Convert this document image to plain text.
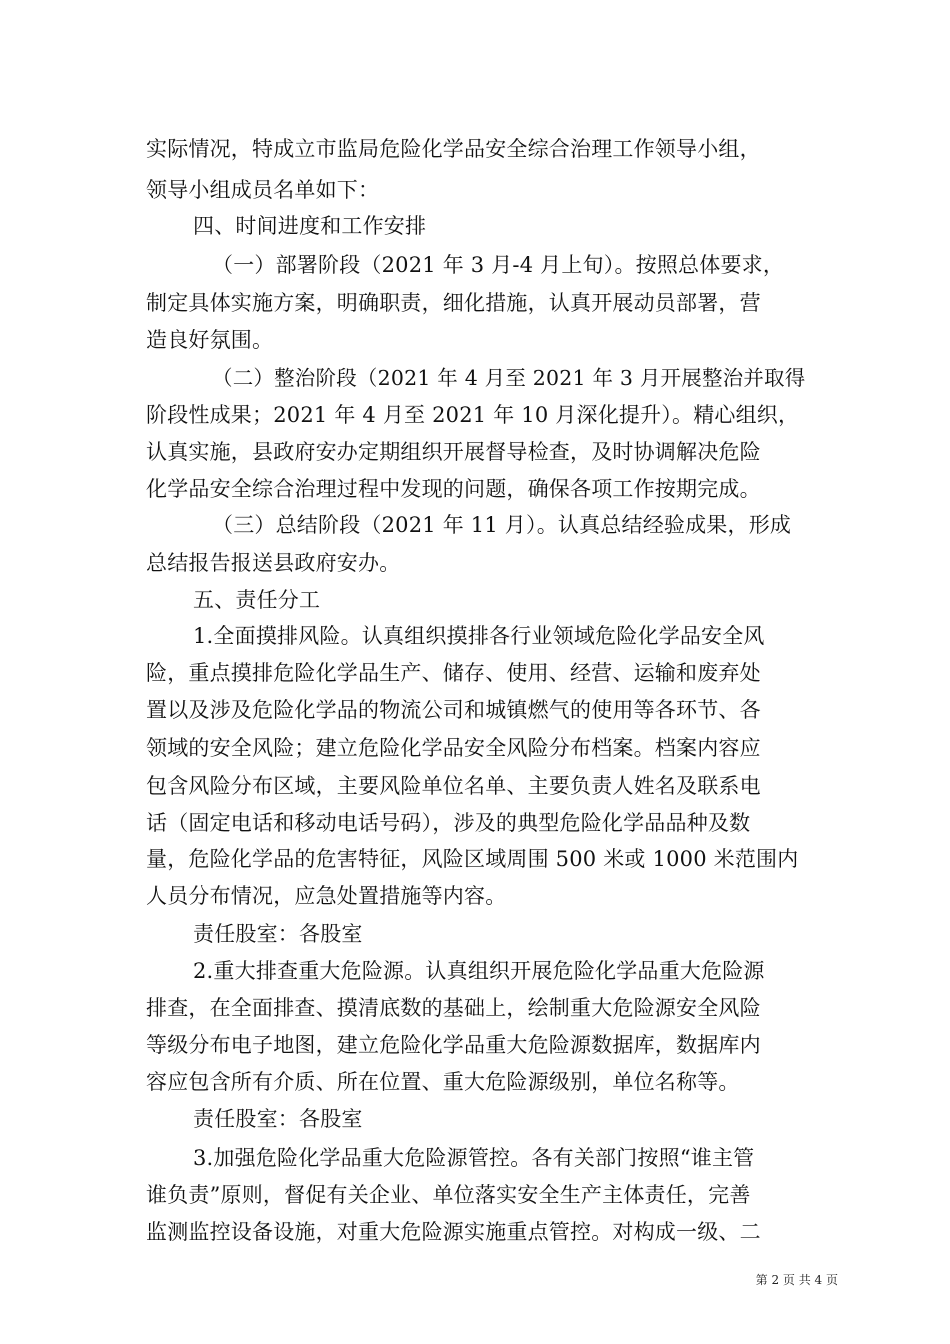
实际情况，特成立市监局危险化学品安全综合治理工作领导小组，
领导小组成员名单如下：
四、时间进度和工作安排
（一）部署阶段（2021 年 3 月-4 月上旬）。按照总体要求，
制定具体实施方案，明确职责，细化措施，认真开展动员部署，营
造良好氛围。
（二）整治阶段（2021 年 4 月至 2021 年 3 月开展整治并取得
阶段性成果；2021 年 4 月至 2021 年 10 月深化提升）。精心组织，
认真实施，县政府安办定期组织开展督导检查，及时协调解决危险
化学品安全综合治理过程中发现的问题，确保各项工作按期完成。
（三）总结阶段（2021 年 11 月）。认真总结经验成果，形成
总结报告报送县政府安办。
五、责任分工
1.全面摸排风险。认真组织摸排各行业领域危险化学品安全风
险，重点摸排危险化学品生产、储存、使用、经营、运输和废弃处
置以及涉及危险化学品的物流公司和城镇燃气的使用等各环节、各
领域的安全风险；建立危险化学品安全风险分布档案。档案内容应
包含风险分布区域，主要风险单位名单、主要负责人姓名及联系电
话（固定电话和移动电话号码），涉及的典型危险化学品品种及数
量，危险化学品的危害特征，风险区域周围 500 米或 1000 米范围内
人员分布情况，应急处置措施等内容。
责任股室：各股室
2.重大排查重大危险源。认真组织开展危险化学品重大危险源
排查，在全面排查、摸清底数的基础上，绘制重大危险源安全风险
等级分布电子地图，建立危险化学品重大危险源数据库，数据库内
容应包含所有介质、所在位置、重大危险源级别，单位名称等。
责任股室：各股室
3.加强危险化学品重大危险源管控。各有关部门按照“谁主管
谁负责”原则，督促有关企业、单位落实安全生产主体责任，完善
监测监控设备设施，对重大危险源实施重点管控。对构成一级、二
第 2 页 共 4 页
